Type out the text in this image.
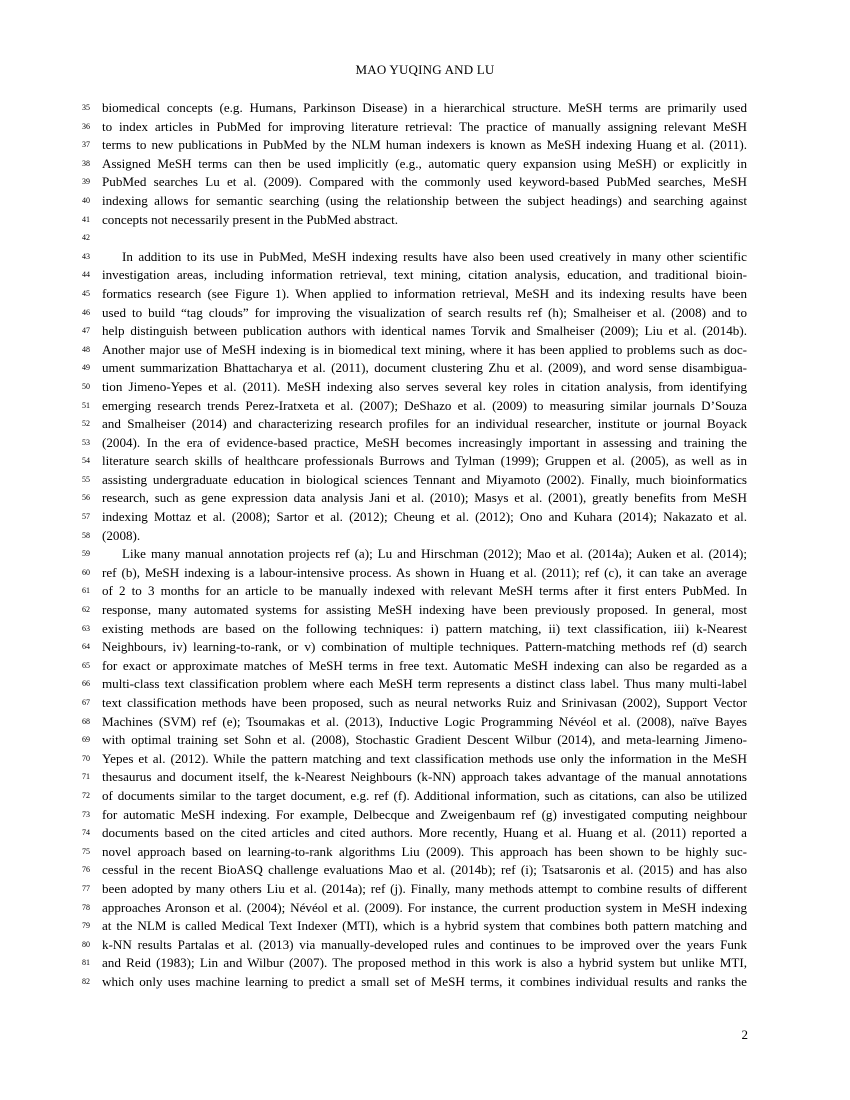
MAO YUQING AND LU
35 biomedical concepts (e.g. Humans, Parkinson Disease) in a hierarchical structure. MeSH terms are primarily used
36 to index articles in PubMed for improving literature retrieval: The practice of manually assigning relevant MeSH
37 terms to new publications in PubMed by the NLM human indexers is known as MeSH indexing Huang et al. (2011).
38 Assigned MeSH terms can then be used implicitly (e.g., automatic query expansion using MeSH) or explicitly in
39 PubMed searches Lu et al. (2009). Compared with the commonly used keyword-based PubMed searches, MeSH
40 indexing allows for semantic searching (using the relationship between the subject headings) and searching against
41 concepts not necessarily present in the PubMed abstract.
42
43 In addition to its use in PubMed, MeSH indexing results have also been used creatively in many other scientific
44 investigation areas, including information retrieval, text mining, citation analysis, education, and traditional bioin-
45 formatics research (see Figure 1). When applied to information retrieval, MeSH and its indexing results have been
46 used to build “tag clouds” for improving the visualization of search results ref (h); Smalheiser et al. (2008) and to
47 help distinguish between publication authors with identical names Torvik and Smalheiser (2009); Liu et al. (2014b).
48 Another major use of MeSH indexing is in biomedical text mining, where it has been applied to problems such as doc-
49 ument summarization Bhattacharya et al. (2011), document clustering Zhu et al. (2009), and word sense disambigua-
50 tion Jimeno-Yepes et al. (2011). MeSH indexing also serves several key roles in citation analysis, from identifying
51 emerging research trends Perez-Iratxeta et al. (2007); DeShazo et al. (2009) to measuring similar journals D’Souza
52 and Smalheiser (2014) and characterizing research profiles for an individual researcher, institute or journal Boyack
53 (2004). In the era of evidence-based practice, MeSH becomes increasingly important in assessing and training the
54 literature search skills of healthcare professionals Burrows and Tylman (1999); Gruppen et al. (2005), as well as in
55 assisting undergraduate education in biological sciences Tennant and Miyamoto (2002). Finally, much bioinformatics
56 research, such as gene expression data analysis Jani et al. (2010); Masys et al. (2001), greatly benefits from MeSH
57 indexing Mottaz et al. (2008); Sartor et al. (2012); Cheung et al. (2012); Ono and Kuhara (2014); Nakazato et al.
58 (2008).
59 Like many manual annotation projects ref (a); Lu and Hirschman (2012); Mao et al. (2014a); Auken et al. (2014);
60 ref (b), MeSH indexing is a labour-intensive process. As shown in Huang et al. (2011); ref (c), it can take an average
61 of 2 to 3 months for an article to be manually indexed with relevant MeSH terms after it first enters PubMed. In
62 response, many automated systems for assisting MeSH indexing have been previously proposed. In general, most
63 existing methods are based on the following techniques: i) pattern matching, ii) text classification, iii) k-Nearest
64 Neighbours, iv) learning-to-rank, or v) combination of multiple techniques. Pattern-matching methods ref (d) search
65 for exact or approximate matches of MeSH terms in free text. Automatic MeSH indexing can also be regarded as a
66 multi-class text classification problem where each MeSH term represents a distinct class label. Thus many multi-label
67 text classification methods have been proposed, such as neural networks Ruiz and Srinivasan (2002), Support Vector
68 Machines (SVM) ref (e); Tsoumakas et al. (2013), Inductive Logic Programming Névéol et al. (2008), naïve Bayes
69 with optimal training set Sohn et al. (2008), Stochastic Gradient Descent Wilbur (2014), and meta-learning Jimeno-
70 Yepes et al. (2012). While the pattern matching and text classification methods use only the information in the MeSH
71 thesaurus and document itself, the k-Nearest Neighbours (k-NN) approach takes advantage of the manual annotations
72 of documents similar to the target document, e.g. ref (f). Additional information, such as citations, can also be utilized
73 for automatic MeSH indexing. For example, Delbecque and Zweigenbaum ref (g) investigated computing neighbour
74 documents based on the cited articles and cited authors. More recently, Huang et al. Huang et al. (2011) reported a
75 novel approach based on learning-to-rank algorithms Liu (2009). This approach has been shown to be highly suc-
76 cessful in the recent BioASQ challenge evaluations Mao et al. (2014b); ref (i); Tsatsaronis et al. (2015) and has also
77 been adopted by many others Liu et al. (2014a); ref (j). Finally, many methods attempt to combine results of different
78 approaches Aronson et al. (2004); Névéol et al. (2009). For instance, the current production system in MeSH indexing
79 at the NLM is called Medical Text Indexer (MTI), which is a hybrid system that combines both pattern matching and
80 k-NN results Partalas et al. (2013) via manually-developed rules and continues to be improved over the years Funk
81 and Reid (1983); Lin and Wilbur (2007). The proposed method in this work is also a hybrid system but unlike MTI,
82 which only uses machine learning to predict a small set of MeSH terms, it combines individual results and ranks the
2
